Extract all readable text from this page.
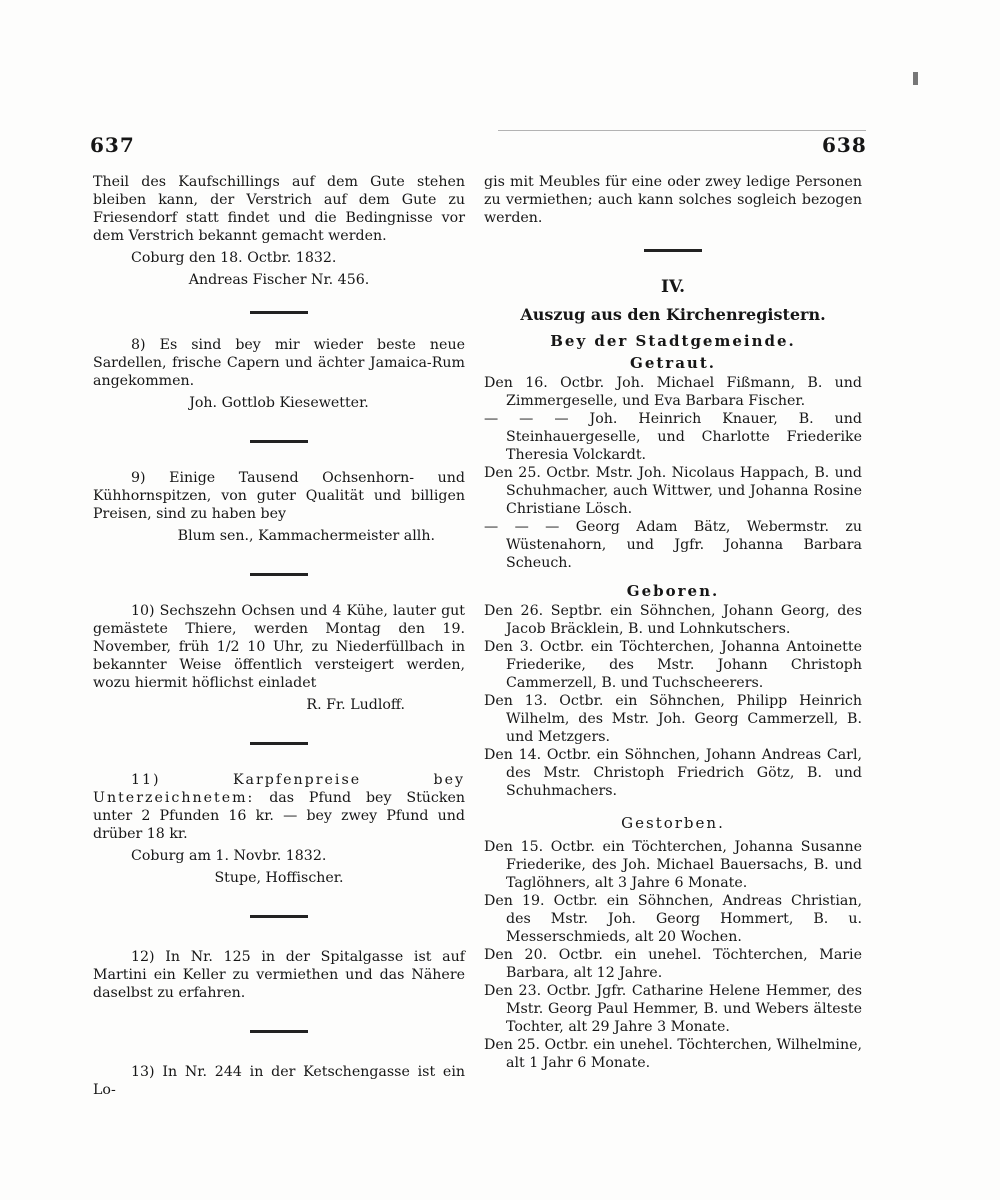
637	638

Theil des Kaufschillings auf dem Gute stehen bleiben kann, der Verstrich auf dem Gute zu Friesendorf statt findet und die Bedingnisse vor dem Verstrich bekannt gemacht werden.

Coburg den 18. Octbr. 1832.

Andreas Fischer Nr. 456.

8) Es sind bey mir wieder beste neue Sardellen, frische Capern und ächter Jamaica-Rum angekommen.

Joh. Gottlob Kiesewetter.

9) Einige Tausend Ochsenhorn- und Kühhornspitzen, von guter Qualität und billigen Preisen, sind zu haben bey

Blum sen., Kammachermeister allh.

10) Sechszehn Ochsen und 4 Kühe, lauter gut gemästete Thiere, werden Montag den 19. November, früh 1/2 10 Uhr, zu Niederfüllbach in bekannter Weise öffentlich versteigert werden, wozu hiermit höflichst einladet

R. Fr. Ludloff.

11) Karpfenpreise bey Unterzeichnetem: das Pfund bey Stücken unter 2 Pfunden 16 kr. — bey zwey Pfund und drüber 18 kr.

Coburg am 1. Novbr. 1832.

Stupe, Hoffischer.

12) In Nr. 125 in der Spitalgasse ist auf Martini ein Keller zu vermiethen und das Nähere daselbst zu erfahren.

13) In Nr. 244 in der Ketschengasse ist ein Lo-

gis mit Meubles für eine oder zwey ledige Personen zu vermiethen; auch kann solches sogleich bezogen werden.

IV.

Auszug aus den Kirchenregistern.

Bey der Stadtgemeinde.

Getraut.

Den 16. Octbr. Joh. Michael Fißmann, B. und Zimmergeselle, und Eva Barbara Fischer.

— — — Joh. Heinrich Knauer, B. und Steinhauergeselle, und Charlotte Friederike Theresia Volckardt.

Den 25. Octbr. Mstr. Joh. Nicolaus Happach, B. und Schuhmacher, auch Wittwer, und Johanna Rosine Christiane Lösch.

— — — Georg Adam Bätz, Webermstr. zu Wüstenahorn, und Jgfr. Johanna Barbara Scheuch.

Geboren.

Den 26. Septbr. ein Söhnchen, Johann Georg, des Jacob Bräcklein, B. und Lohnkutschers.

Den 3. Octbr. ein Töchterchen, Johanna Antoinette Friederike, des Mstr. Johann Christoph Cammerzell, B. und Tuchscheerers.

Den 13. Octbr. ein Söhnchen, Philipp Heinrich Wilhelm, des Mstr. Joh. Georg Cammerzell, B. und Metzgers.

Den 14. Octbr. ein Söhnchen, Johann Andreas Carl, des Mstr. Christoph Friedrich Götz, B. und Schuhmachers.

Gestorben.

Den 15. Octbr. ein Töchterchen, Johanna Susanne Friederike, des Joh. Michael Bauersachs, B. und Taglöhners, alt 3 Jahre 6 Monate.

Den 19. Octbr. ein Söhnchen, Andreas Christian, des Mstr. Joh. Georg Hommert, B. u. Messerschmieds, alt 20 Wochen.

Den 20. Octbr. ein unehel. Töchterchen, Marie Barbara, alt 12 Jahre.

Den 23. Octbr. Jgfr. Catharine Helene Hemmer, des Mstr. Georg Paul Hemmer, B. und Webers älteste Tochter, alt 29 Jahre 3 Monate.

Den 25. Octbr. ein unehel. Töchterchen, Wilhelmine, alt 1 Jahr 6 Monate.
